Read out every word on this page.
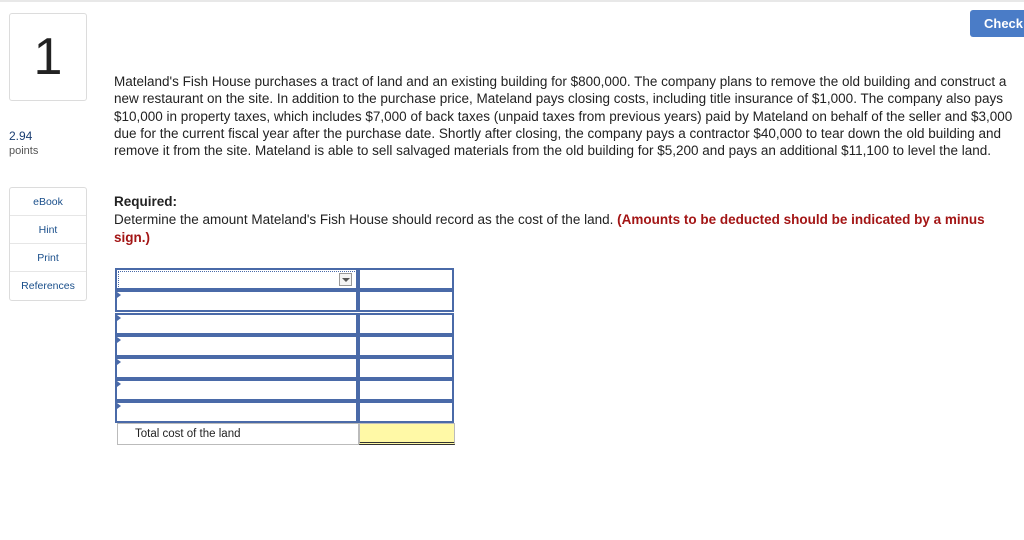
1
2.94
points
eBook
Hint
Print
References
Check
Mateland's Fish House purchases a tract of land and an existing building for $800,000. The company plans to remove the old building and construct a new restaurant on the site. In addition to the purchase price, Mateland pays closing costs, including title insurance of $1,000. The company also pays $10,000 in property taxes, which includes $7,000 of back taxes (unpaid taxes from previous years) paid by Mateland on behalf of the seller and $3,000 due for the current fiscal year after the purchase date. Shortly after closing, the company pays a contractor $40,000 to tear down the old building and remove it from the site. Mateland is able to sell salvaged materials from the old building for $5,200 and pays an additional $11,100 to level the land.
Required:
Determine the amount Mateland's Fish House should record as the cost of the land. (Amounts to be deducted should be indicated by a minus sign.)
Total cost of the land
